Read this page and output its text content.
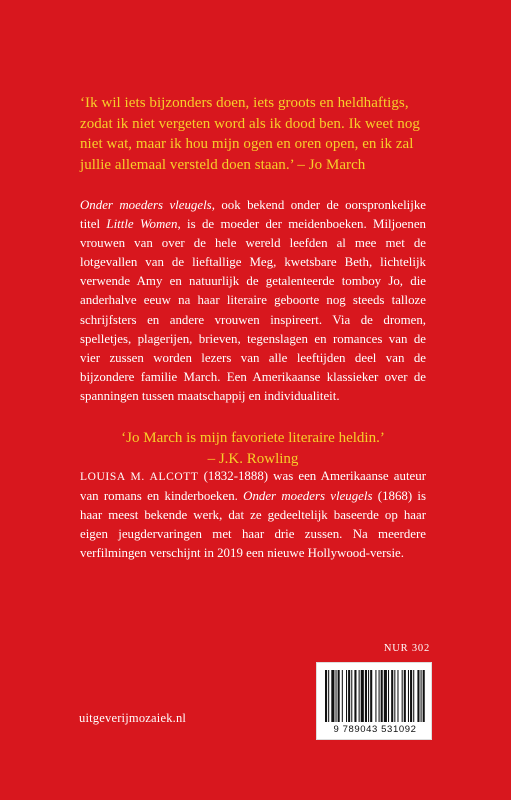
‘Ik wil iets bijzonders doen, iets groots en heldhaftigs, zodat ik niet vergeten word als ik dood ben. Ik weet nog niet wat, maar ik hou mijn ogen en oren open, en ik zal jullie allemaal versteld doen staan.’ – Jo March

Onder moeders vleugels, ook bekend onder de oorspronkelijke titel Little Women, is de moeder der meidenboeken. Miljoenen vrouwen van over de hele wereld leefden al mee met de lotgevallen van de lieftallige Meg, kwetsbare Beth, lichtelijk verwende Amy en natuurlijk de getalenteerde tomboy Jo, die anderhalve eeuw na haar literaire geboorte nog steeds talloze schrijfsters en andere vrouwen inspireert. Via de dromen, spelletjes, plagerijen, brieven, tegenslagen en romances van de vier zussen worden lezers van alle leeftijden deel van de bijzondere familie March. Een Amerikaanse klassieker over de spanningen tussen maatschappij en individualiteit.

‘Jo March is mijn favoriete literaire heldin.’
– J.K. Rowling

LOUISA M. ALCOTT (1832-1888) was een Amerikaanse auteur van romans en kinderboeken. Onder moeders vleugels (1868) is haar meest bekende werk, dat ze gedeeltelijk baseerde op haar eigen jeugdervaringen met haar drie zussen. Na meerdere verfilmingen verschijnt in 2019 een nieuwe Hollywood-versie.

NUR 302
9 789043 531092
uitgeverijmozaiek.nl
